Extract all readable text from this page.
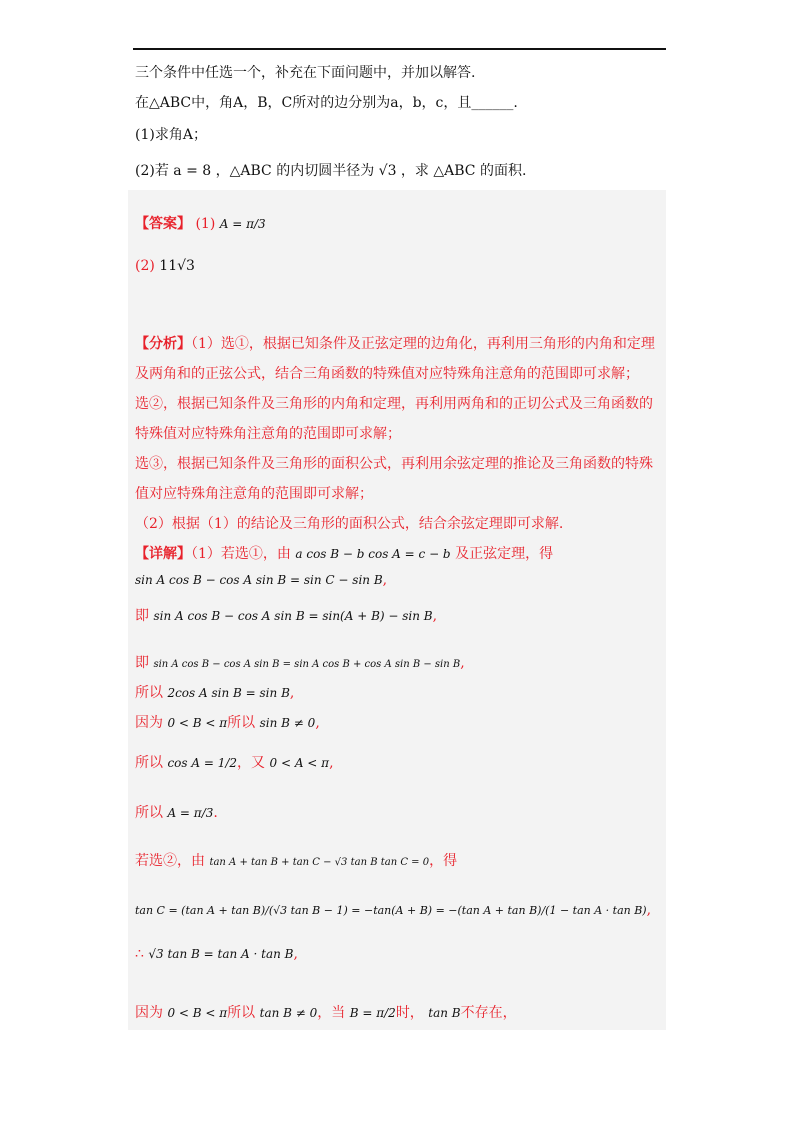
三个条件中任选一个，补充在下面问题中，并加以解答.
在△ABC中，角A，B，C所对的边分别为a，b，c，且______.
(1)求角A；
(2)若 a = 8 ，△ABC 的内切圆半径为 √3 ，求 △ABC 的面积.
【答案】 (1) A = π/3
(2) 11√3
【分析】（1）选①，根据已知条件及正弦定理的边角化，再利用三角形的内角和定理
及两角和的正弦公式，结合三角函数的特殊值对应特殊角注意角的范围即可求解；
选②，根据已知条件及三角形的内角和定理，再利用两角和的正切公式及三角函数的
特殊值对应特殊角注意角的范围即可求解；
选③，根据已知条件及三角形的面积公式，再利用余弦定理的推论及三角函数的特殊
值对应特殊角注意角的范围即可求解；
（2）根据（1）的结论及三角形的面积公式，结合余弦定理即可求解.
【详解】（1）若选①，由 a cos B − b cos A = c − b 及正弦定理，得
sin A cos B − cos A sin B = sin C − sin B,
即 sin A cos B − cos A sin B = sin(A + B) − sin B,
即 sin A cos B − cos A sin B = sin A cos B + cos A sin B − sin B,
所以 2cos A sin B = sin B,
因为 0 < B < π所以 sin B ≠ 0,
所以 cos A = 1/2，又 0 < A < π,
所以 A = π/3.
若选②，由 tan A + tan B + tan C − √3 tan B tan C = 0，得
tan C = (tan A + tan B)/(√3 tan B − 1) = −tan(A + B) = −(tan A + tan B)/(1 − tan A · tan B),
∴ √3 tan B = tan A · tan B,
因为 0 < B < π所以 tan B ≠ 0，当 B = π/2时， tan B不存在，
